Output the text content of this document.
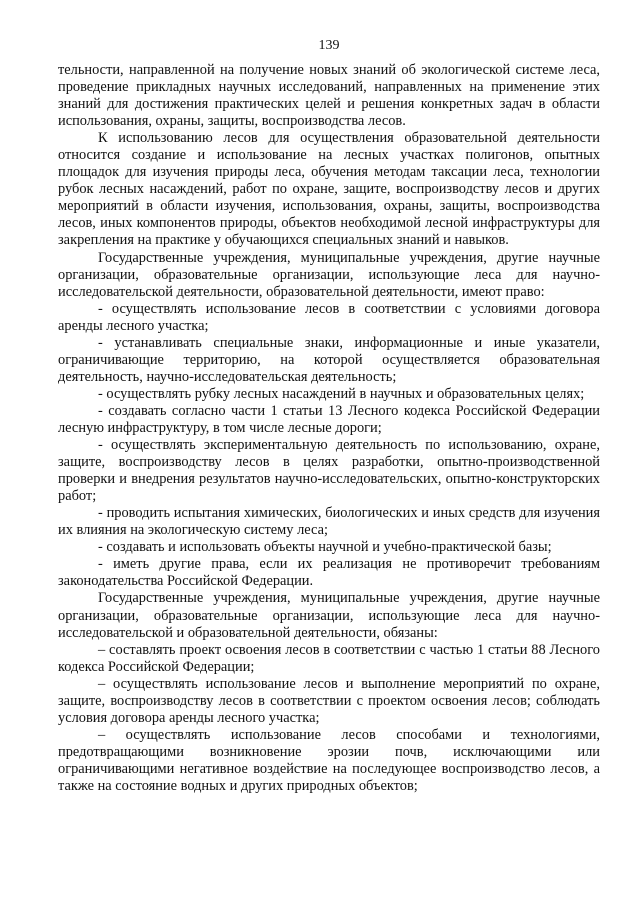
139

тельности, направленной на получение новых знаний об экологической системе леса, проведение прикладных научных исследований, направленных на применение этих знаний для достижения практических целей и решения конкретных задач в области использования, охраны, защиты, воспроизводства лесов.

К использованию лесов для осуществления образовательной деятельности относится создание и использование на лесных участках полигонов, опытных площадок для изучения природы леса, обучения методам таксации леса, технологии рубок лесных насаждений, работ по охране, защите, воспроизводству лесов и других мероприятий в области изучения, использования, охраны, защиты, воспроизводства лесов, иных компонентов природы, объектов необходимой лесной инфраструктуры для закрепления на практике у обучающихся специальных знаний и навыков.

Государственные учреждения, муниципальные учреждения, другие научные организации, образовательные организации, использующие леса для научно-исследовательской деятельности, образовательной деятельности, имеют право:

- осуществлять использование лесов в соответствии с условиями договора аренды лесного участка;

- устанавливать специальные знаки, информационные и иные указатели, ограничивающие территорию, на которой осуществляется образовательная деятельность, научно-исследовательская деятельность;

- осуществлять рубку лесных насаждений в научных и образовательных целях;

- создавать согласно части 1 статьи 13 Лесного кодекса Российской Федерации лесную инфраструктуру, в том числе лесные дороги;

- осуществлять экспериментальную деятельность по использованию, охране, защите, воспроизводству лесов в целях разработки, опытно-производственной проверки и внедрения результатов научно-исследовательских, опытно-конструкторских работ;

- проводить испытания химических, биологических и иных средств для изучения их влияния на экологическую систему леса;

- создавать и использовать объекты научной и учебно-практической базы;

- иметь другие права, если их реализация не противоречит требованиям законодательства Российской Федерации.

Государственные учреждения, муниципальные учреждения, другие научные организации, образовательные организации, использующие леса для научно-исследовательской и образовательной деятельности, обязаны:

– составлять проект освоения лесов в соответствии с частью 1 статьи 88 Лесного кодекса Российской Федерации;

– осуществлять использование лесов и выполнение мероприятий по охране, защите, воспроизводству лесов в соответствии с проектом освоения лесов; соблюдать условия договора аренды лесного участка;

– осуществлять использование лесов способами и технологиями, предотвращающими возникновение эрозии почв, исключающими или ограничивающими негативное воздействие на последующее воспроизводство лесов, а также на состояние водных и других природных объектов;
